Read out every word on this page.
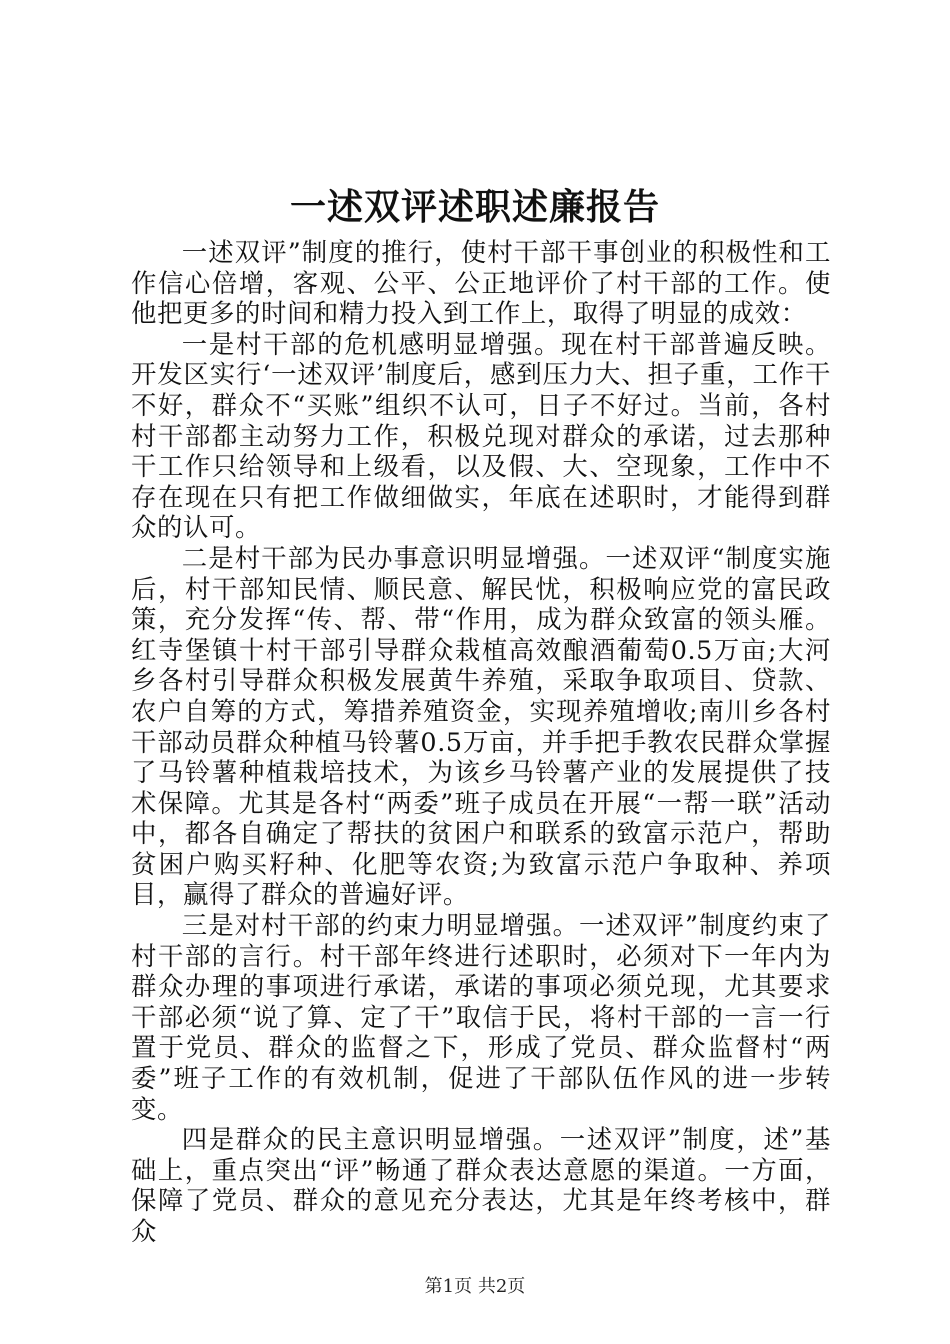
一述双评述职述廉报告

一述双评”制度的推行，使村干部干事创业的积极性和工作信心倍增，客观、公平、公正地评价了村干部的工作。使他把更多的时间和精力投入到工作上，取得了明显的成效：

一是村干部的危机感明显增强。现在村干部普遍反映。开发区实行‘一述双评’制度后，感到压力大、担子重，工作干不好，群众不“买账”组织不认可，日子不好过。当前，各村村干部都主动努力工作，积极兑现对群众的承诺，过去那种干工作只给领导和上级看，以及假、大、空现象，工作中不存在现在只有把工作做细做实，年底在述职时，才能得到群众的认可。

二是村干部为民办事意识明显增强。一述双评“制度实施后，村干部知民情、顺民意、解民忧，积极响应党的富民政策，充分发挥“传、帮、带“作用，成为群众致富的领头雁。红寺堡镇十村干部引导群众栽植高效酿酒葡萄0.5万亩;大河乡各村引导群众积极发展黄牛养殖，采取争取项目、贷款、农户自筹的方式，筹措养殖资金，实现养殖增收;南川乡各村干部动员群众种植马铃薯0.5万亩，并手把手教农民群众掌握了马铃薯种植栽培技术，为该乡马铃薯产业的发展提供了技术保障。尤其是各村“两委”班子成员在开展“一帮一联”活动中，都各自确定了帮扶的贫困户和联系的致富示范户，帮助贫困户购买籽种、化肥等农资;为致富示范户争取种、养项目，赢得了群众的普遍好评。

三是对村干部的约束力明显增强。一述双评”制度约束了村干部的言行。村干部年终进行述职时，必须对下一年内为群众办理的事项进行承诺，承诺的事项必须兑现，尤其要求干部必须“说了算、定了干”取信于民，将村干部的一言一行置于党员、群众的监督之下，形成了党员、群众监督村“两委”班子工作的有效机制，促进了干部队伍作风的进一步转变。

四是群众的民主意识明显增强。一述双评”制度，述”基础上，重点突出“评”畅通了群众表达意愿的渠道。一方面，保障了党员、群众的意见充分表达，尤其是年终考核中，群众

第1页 共2页
